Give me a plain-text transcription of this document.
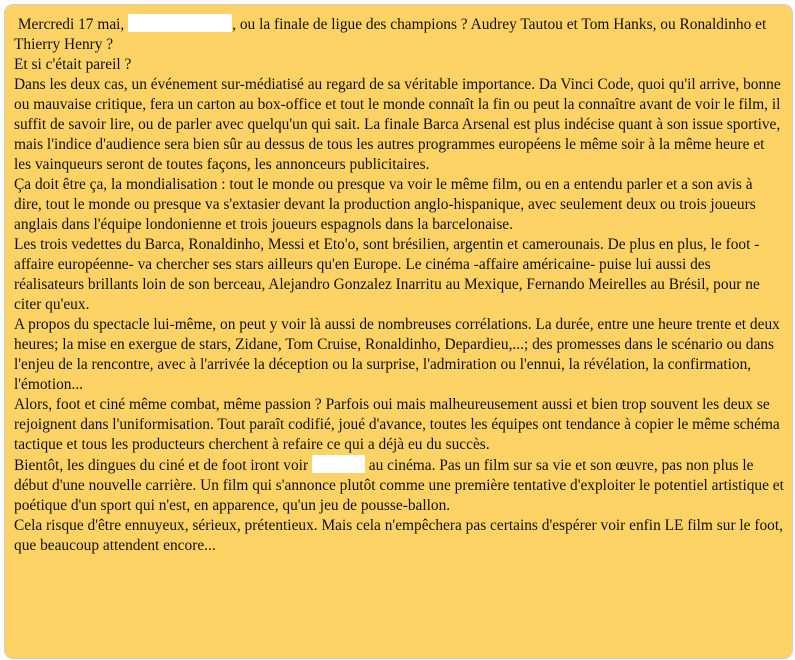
Mercredi 17 mai,	, ou la finale de ligue des champions ? Audrey Tautou et Tom Hanks, ou Ronaldinho et Thierry Henry ?

Et si c'était pareil ?

Dans les deux cas, un événement sur-médiatisé au regard de sa véritable importance. Da Vinci Code, quoi qu'il arrive, bonne ou mauvaise critique, fera un carton au box-office et tout le monde connaît la fin ou peut la connaître avant de voir le film, il suffit de savoir lire, ou de parler avec quelqu'un qui sait. La finale Barca Arsenal est plus indécise quant à son issue sportive, mais l'indice d'audience sera bien sûr au dessus de tous les autres programmes européens le même soir à la même heure et les vainqueurs seront de toutes façons, les annonceurs publicitaires.

Ça doit être ça, la mondialisation : tout le monde ou presque va voir le même film, ou en a entendu parler et a son avis à dire, tout le monde ou presque va s'extasier devant la production anglo-hispanique, avec seulement deux ou trois joueurs anglais dans l'équipe londonienne et trois joueurs espagnols dans la barcelonaise.

Les trois vedettes du Barca, Ronaldinho, Messi et Eto'o, sont brésilien, argentin et camerounais. De plus en plus, le foot -affaire européenne- va chercher ses stars ailleurs qu'en Europe. Le cinéma -affaire américaine- puise lui aussi des réalisateurs brillants loin de son berceau, Alejandro Gonzalez Inarritu au Mexique, Fernando Meirelles au Brésil, pour ne citer qu'eux.

A propos du spectacle lui-même, on peut y voir là aussi de nombreuses corrélations. La durée, entre une heure trente et deux heures; la mise en exergue de stars, Zidane, Tom Cruise, Ronaldinho, Depardieu,...; des promesses dans le scénario ou dans l'enjeu de la rencontre, avec à l'arrivée la déception ou la surprise, l'admiration ou l'ennui, la révélation, la confirmation, l'émotion...

Alors, foot et ciné même combat, même passion ? Parfois oui mais malheureusement aussi et bien trop souvent les deux se rejoignent dans l'uniformisation. Tout paraît codifié, joué d'avance, toutes les équipes ont tendance à copier le même schéma tactique et tous les producteurs cherchent à refaire ce qui a déjà eu du succès.

Bientôt, les dingues du ciné et de foot iront voir	au cinéma. Pas un film sur sa vie et son œuvre, pas non plus le début d'une nouvelle carrière. Un film qui s'annonce plutôt comme une première tentative d'exploiter le potentiel artistique et poétique d'un sport qui n'est, en apparence, qu'un jeu de pousse-ballon.

Cela risque d'être ennuyeux, sérieux, prétentieux. Mais cela n'empêchera pas certains d'espérer voir enfin LE film sur le foot, que beaucoup attendent encore...
